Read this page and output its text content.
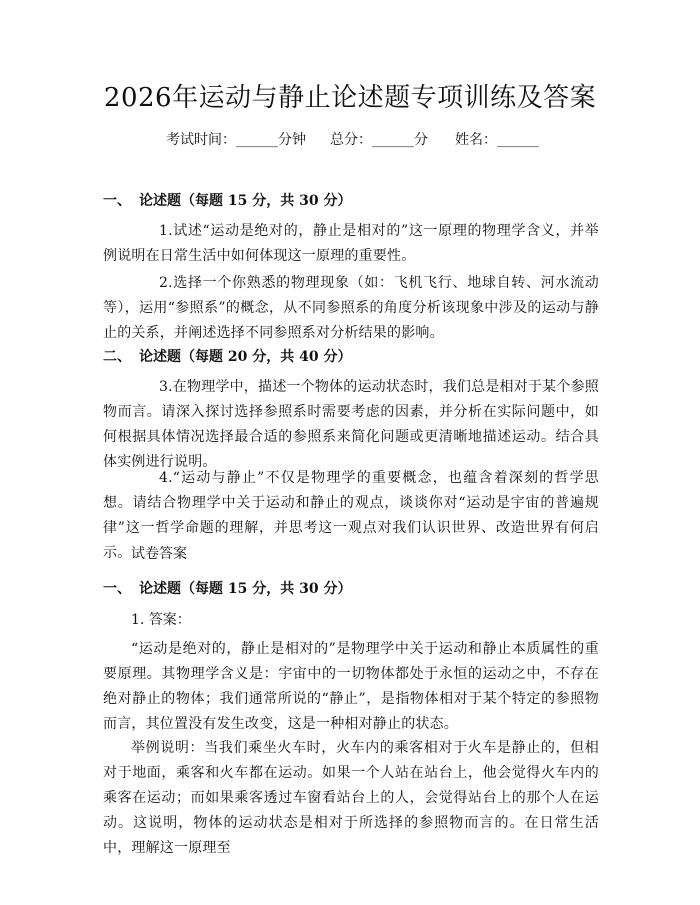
2026年运动与静止论述题专项训练及答案
考试时间：______分钟 总分：______分 姓名：______
一、 论述题（每题 15 分，共 30 分）
1.试述“运动是绝对的，静止是相对的”这一原理的物理学含义，并举例说明在日常生活中如何体现这一原理的重要性。
2.选择一个你熟悉的物理现象（如：飞机飞行、地球自转、河水流动等），运用“参照系”的概念，从不同参照系的角度分析该现象中涉及的运动与静止的关系，并阐述选择不同参照系对分析结果的影响。
二、 论述题（每题 20 分，共 40 分）
3.在物理学中，描述一个物体的运动状态时，我们总是相对于某个参照物而言。请深入探讨选择参照系时需要考虑的因素，并分析在实际问题中，如何根据具体情况选择最合适的参照系来简化问题或更清晰地描述运动。结合具体实例进行说明。
4.“运动与静止”不仅是物理学的重要概念，也蕴含着深刻的哲学思想。请结合物理学中关于运动和静止的观点，谈谈你对“运动是宇宙的普遍规律”这一哲学命题的理解，并思考这一观点对我们认识世界、改造世界有何启示。 试卷答案
一、 论述题（每题 15 分，共 30 分）
1. 答案：
“运动是绝对的，静止是相对的”是物理学中关于运动和静止本质属性的重要原理。其物理学含义是：宇宙中的一切物体都处于永恒的运动之中，不存在绝对静止的物体；我们通常所说的“静止”，是指物体相对于某个特定的参照物而言，其位置没有发生改变，这是一种相对静止的状态。
举例说明：当我们乘坐火车时，火车内的乘客相对于火车是静止的，但相对于地面，乘客和火车都在运动。如果一个人站在站台上，他会觉得火车内的乘客在运动；而如果乘客透过车窗看站台上的人，会觉得站台上的那个人在运动。这说明，物体的运动状态是相对于所选择的参照物而言的。在日常生活中，理解这一原理至
